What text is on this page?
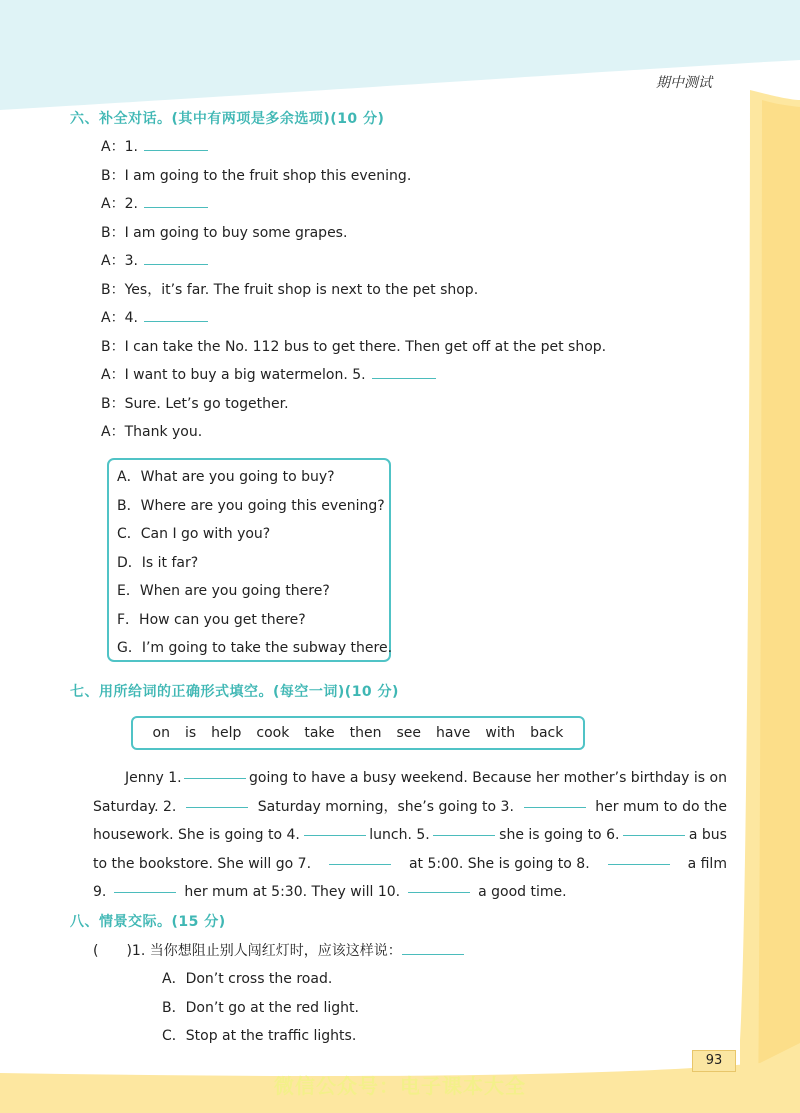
期中测试
六、补全对话。(其中有两项是多余选项)(10 分)
A：1.
B：I am going to the fruit shop this evening.
A：2.
B：I am going to buy some grapes.
A：3.
B：Yes，it’s far. The fruit shop is next to the pet shop.
A：4.
B：I can take the No. 112 bus to get there. Then get off at the pet shop.
A：I want to buy a big watermelon. 5.
B：Sure. Let’s go together.
A：Thank you.
A．What are you going to buy?
B．Where are you going this evening?
C．Can I go with you?
D．Is it far?
E．When are you going there?
F．How can you get there?
G．I’m going to take the subway there.
七、用所给词的正确形式填空。(每空一词)(10 分)
on is help cook take then see have with back
Jenny 1.	going to have a busy weekend. Because her mother’s birthday is on
Saturday. 2.	Saturday morning，she’s going to 3.	her mum to do the
housework. She is going to 4.	lunch. 5.	she is going to 6.	a bus
to the bookstore. She will go 7.	at 5:00. She is going to 8.	a film
9.	her mum at 5:30. They will 10.	a good time.
八、情景交际。(15 分)
(　　)1. 当你想阻止别人闯红灯时，应该这样说：
A．Don’t cross the road.
B．Don’t go at the red light.
C．Stop at the traffic lights.
93
微信公众号：电子课本大全
